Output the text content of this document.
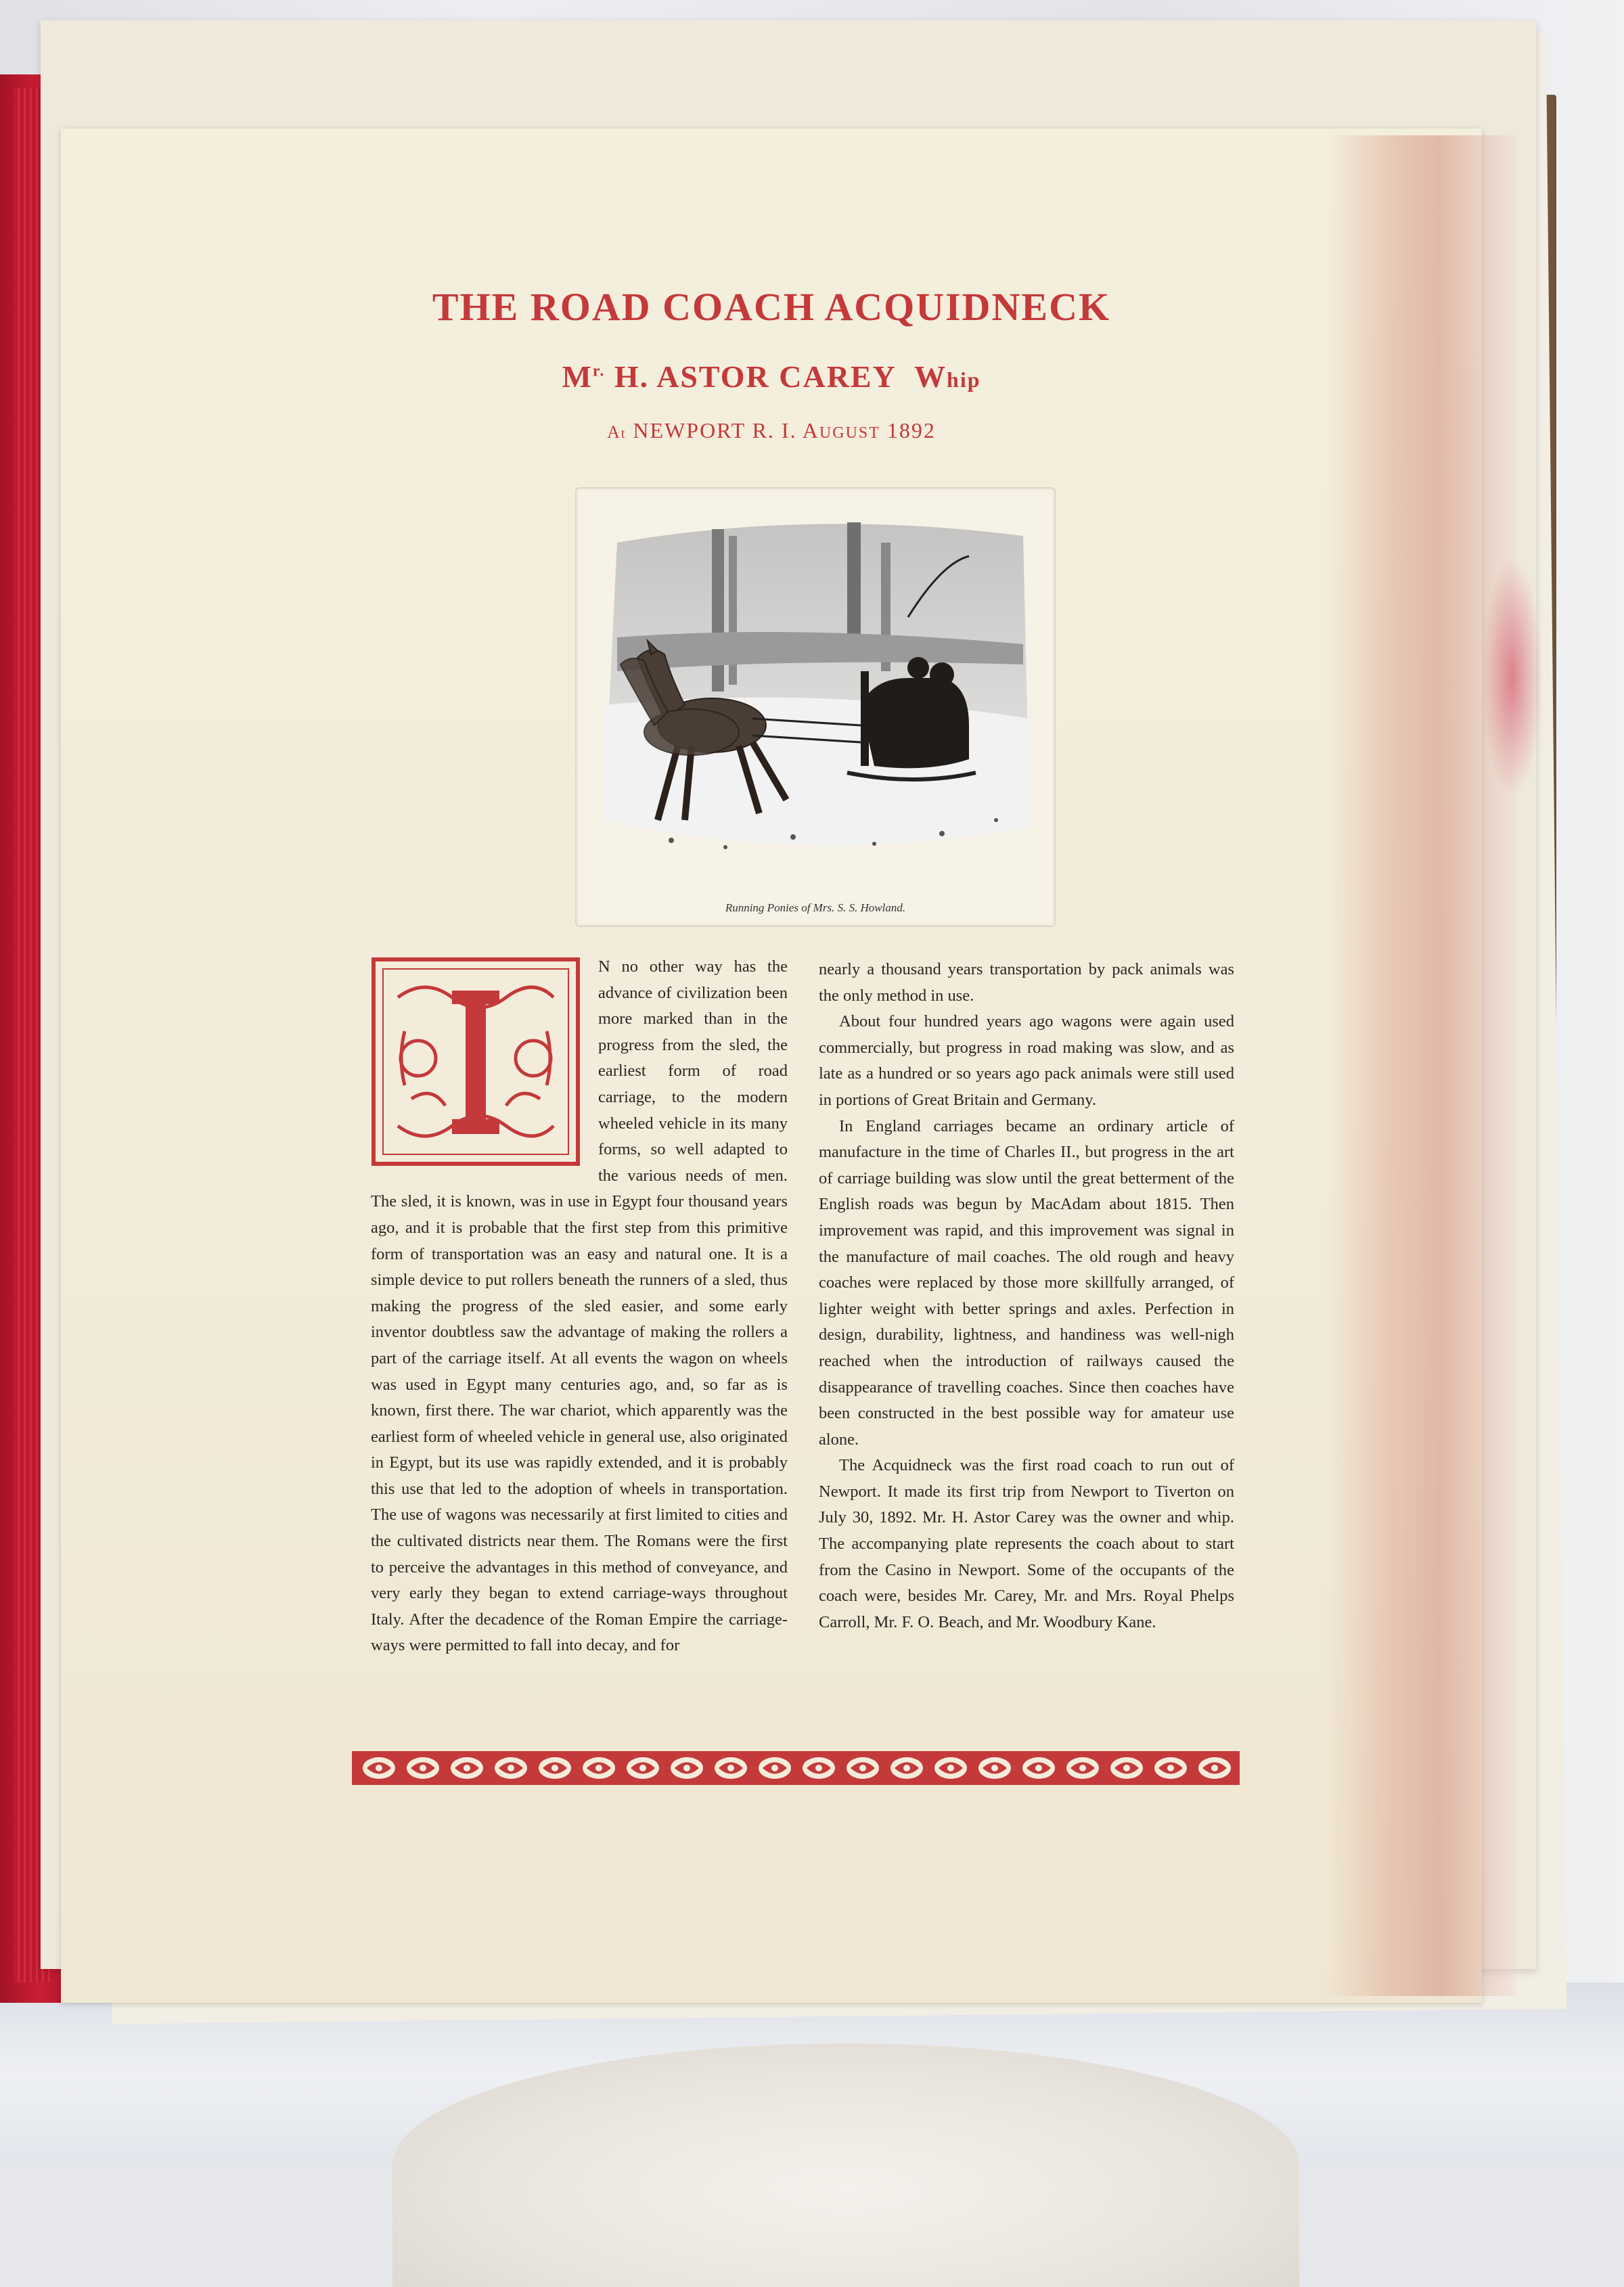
THE ROAD COACH ACQUIDNECK
$M^{r.}$ H. ASTOR CAREY Whip
At NEWPORT R. I. AUGUST 1892
Running Ponies of Mrs. S. S. Howland.
I

N no other way has the advance of civilization been more marked than in the progress from the sled, the earliest form of road carriage, to the modern wheeled vehicle in its many forms, so well adapted to the various needs of men. The sled, it is known, was in use in Egypt four thousand years ago, and it is probable that the first step from this primitive form of transportation was an easy and natural one. It is a simple device to put rollers beneath the runners of a sled, thus making the progress of the sled easier, and some early inventor doubtless saw the advantage of making the rollers a part of the carriage itself. At all events the wagon on wheels was used in Egypt many centuries ago, and, so far as is known, first there. The war chariot, which apparently was the earliest form of wheeled vehicle in general use, also originated in Egypt, but its use was rapidly extended, and it is probably this use that led to the adoption of wheels in transportation. The use of wagons was necessarily at first limited to cities and the cultivated districts near them. The Romans were the first to perceive the advantages in this method of conveyance, and very early they began to extend carriage-ways throughout Italy. After the decadence of the Roman Empire the carriage-ways were permitted to fall into decay, and for

nearly a thousand years transportation by pack animals was the only method in use.

About four hundred years ago wagons were again used commercially, but progress in road making was slow, and as late as a hundred or so years ago pack animals were still used in portions of Great Britain and Germany.

In England carriages became an ordinary article of manufacture in the time of Charles II., but progress in the art of carriage building was slow until the great betterment of the English roads was begun by MacAdam about 1815. Then improvement was rapid, and this improvement was signal in the manufacture of mail coaches. The old rough and heavy coaches were replaced by those more skillfully arranged, of lighter weight with better springs and axles. Perfection in design, durability, lightness, and handiness was well-nigh reached when the introduction of railways caused the disappearance of travelling coaches. Since then coaches have been constructed in the best possible way for amateur use alone.

The Acquidneck was the first road coach to run out of Newport. It made its first trip from Newport to Tiverton on July 30, 1892. Mr. H. Astor Carey was the owner and whip. The accompanying plate represents the coach about to start from the Casino in Newport. Some of the occupants of the coach were, besides Mr. Carey, Mr. and Mrs. Royal Phelps Carroll, Mr. F. O. Beach, and Mr. Woodbury Kane.
